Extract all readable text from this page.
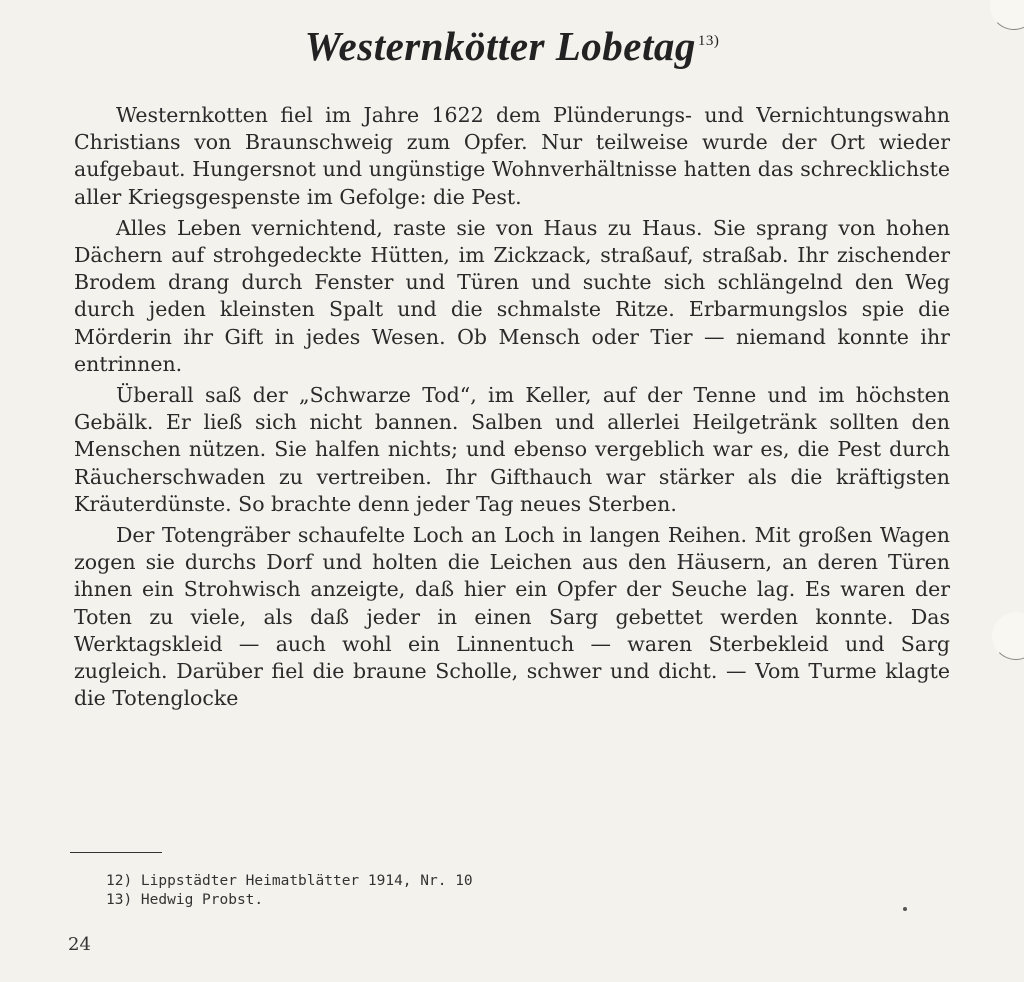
Westernkötter Lobetag $^{13)}$

Westernkotten fiel im Jahre 1622 dem Plünderungs- und Vernichtungswahn Christians von Braunschweig zum Opfer. Nur teilweise wurde der Ort wieder aufgebaut. Hungersnot und ungünstige Wohnverhältnisse hatten das schrecklichste aller Kriegsgespenste im Gefolge: die Pest.

Alles Leben vernichtend, raste sie von Haus zu Haus. Sie sprang von hohen Dächern auf strohgedeckte Hütten, im Zickzack, straßauf, straßab. Ihr zischender Brodem drang durch Fenster und Türen und suchte sich schlängelnd den Weg durch jeden kleinsten Spalt und die schmalste Ritze. Erbarmungslos spie die Mörderin ihr Gift in jedes Wesen. Ob Mensch oder Tier — niemand konnte ihr entrinnen.

Überall saß der „Schwarze Tod“, im Keller, auf der Tenne und im höchsten Gebälk. Er ließ sich nicht bannen. Salben und allerlei Heilgetränk sollten den Menschen nützen. Sie halfen nichts; und ebenso vergeblich war es, die Pest durch Räucherschwaden zu vertreiben. Ihr Gifthauch war stärker als die kräftigsten Kräuterdünste. So brachte denn jeder Tag neues Sterben.

Der Totengräber schaufelte Loch an Loch in langen Reihen. Mit großen Wagen zogen sie durchs Dorf und holten die Leichen aus den Häusern, an deren Türen ihnen ein Strohwisch anzeigte, daß hier ein Opfer der Seuche lag. Es waren der Toten zu viele, als daß jeder in einen Sarg gebettet werden konnte. Das Werktagskleid — auch wohl ein Linnentuch — waren Sterbekleid und Sarg zugleich. Darüber fiel die braune Scholle, schwer und dicht. — Vom Turme klagte die Totenglocke

12) Lippstädter Heimatblätter 1914, Nr. 10
13) Hedwig Probst.
24
